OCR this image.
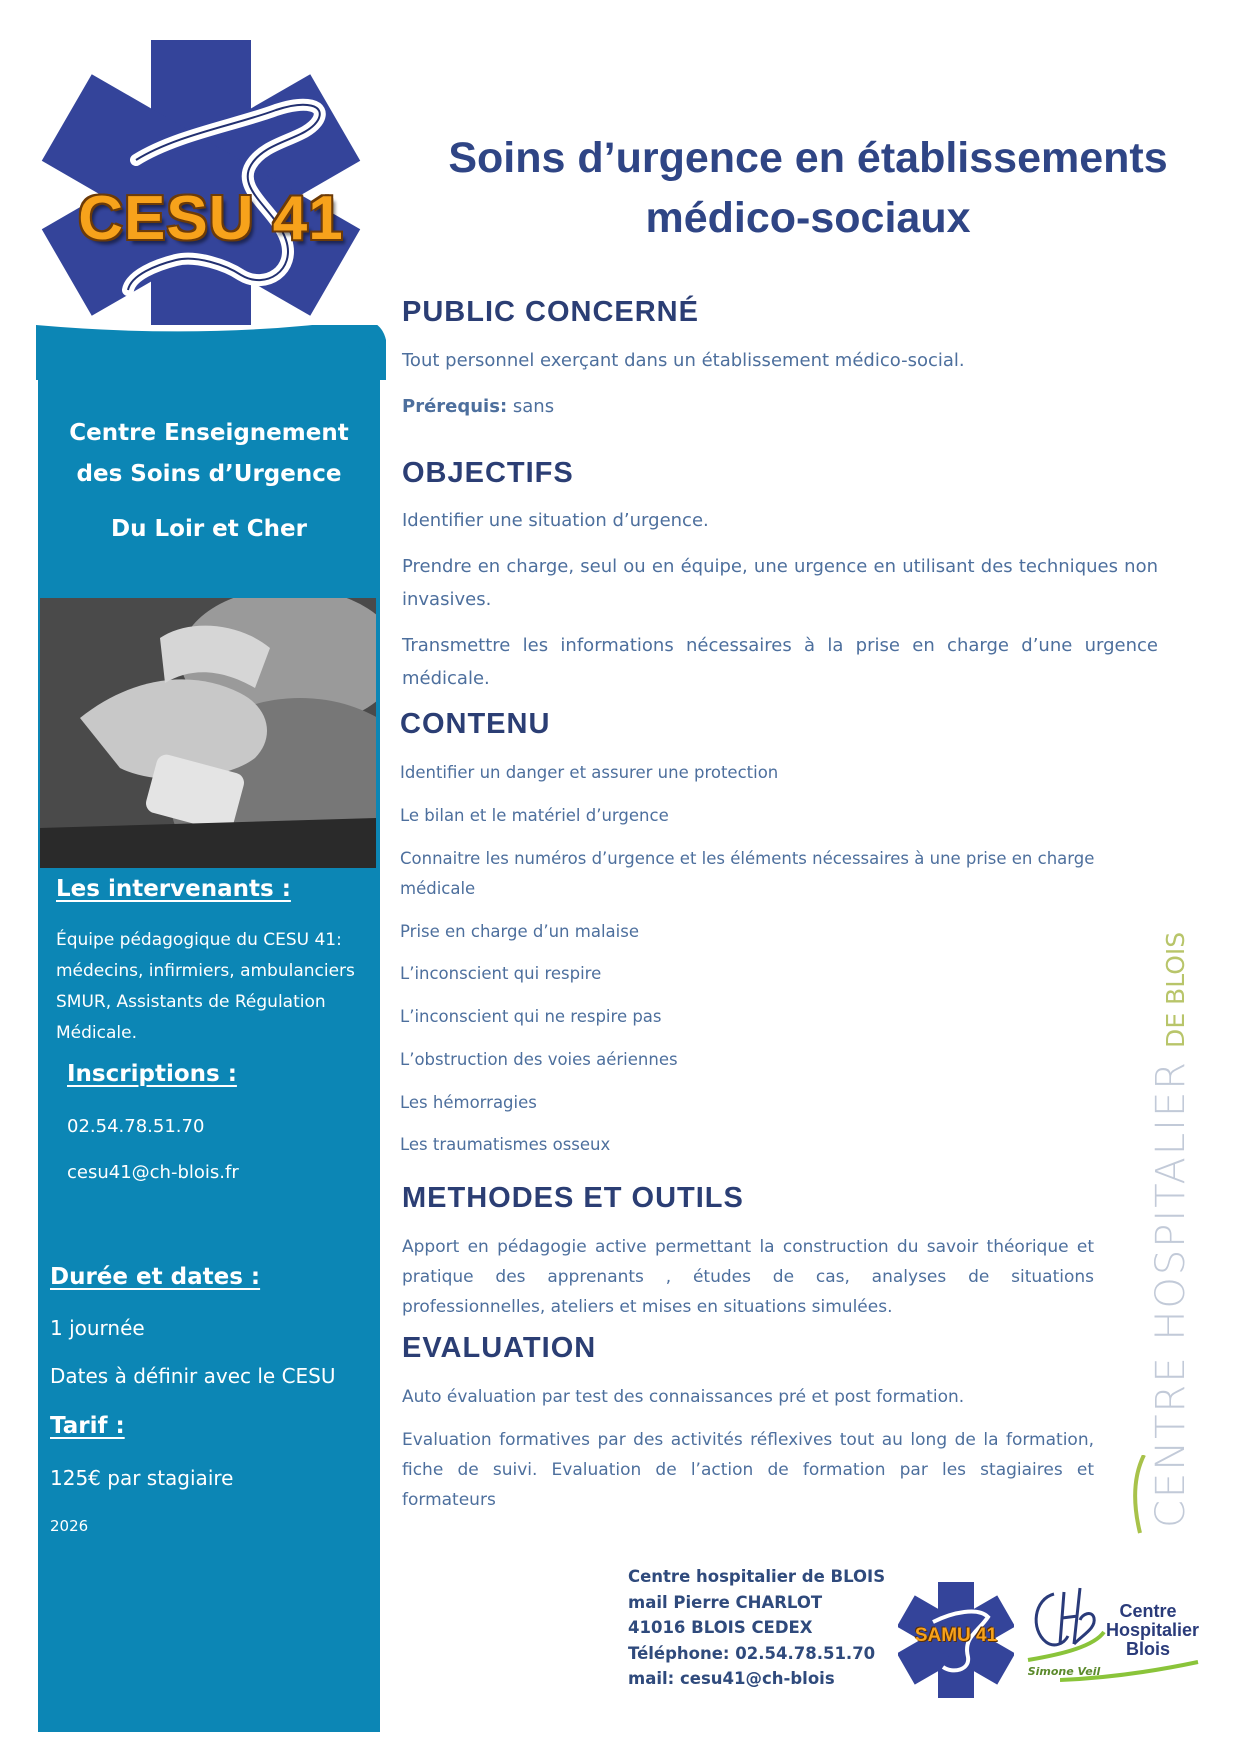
CESU 41
Centre Enseignement
des Soins d’Urgence
Du Loir et Cher
Les intervenants :
Équipe pédagogique du CESU 41: médecins, infirmiers, ambulanciers SMUR, Assistants de Régulation Médicale.
Inscriptions :
02.54.78.51.70
cesu41@ch-blois.fr
Durée et dates :
1 journée
Dates à définir avec le CESU
Tarif :
125€ par stagiaire
2026
Soins d’urgence en établissements
médico-sociaux
PUBLIC CONCERNÉ
Tout personnel exerçant dans un établissement médico-social.
Prérequis: sans
OBJECTIFS
Identifier une situation d’urgence.
Prendre en charge, seul ou en équipe, une urgence en utilisant des techniques non invasives.
Transmettre les informations nécessaires à la prise en charge d’une urgence médicale.
CONTENU
Identifier un danger et assurer une protection
Le bilan et le matériel d’urgence
Connaitre les numéros d’urgence et les éléments nécessaires à une prise en charge médicale
Prise en charge d’un malaise
L’inconscient qui respire
L’inconscient qui ne respire pas
L’obstruction des voies aériennes
Les hémorragies
Les traumatismes osseux
METHODES ET OUTILS
Apport en pédagogie active permettant la construction du savoir théorique et pratique des apprenants , études de cas, analyses de situations professionnelles, ateliers et mises en situations simulées.
EVALUATION
Auto évaluation par test des connaissances pré et post formation.
Evaluation formatives par des activités réflexives tout au long de la formation, fiche de suivi. Evaluation de l’action de formation par les stagiaires et formateurs	CENTRE HOSPITALIERDE BLOIS
Centre hospitalier de BLOIS
mail Pierre CHARLOT
41016 BLOIS CEDEX
Téléphone: 02.54.78.51.70
mail: cesu41@ch-blois
SAMU 41
Centre
Hospitalier
Blois
Simone Veil
